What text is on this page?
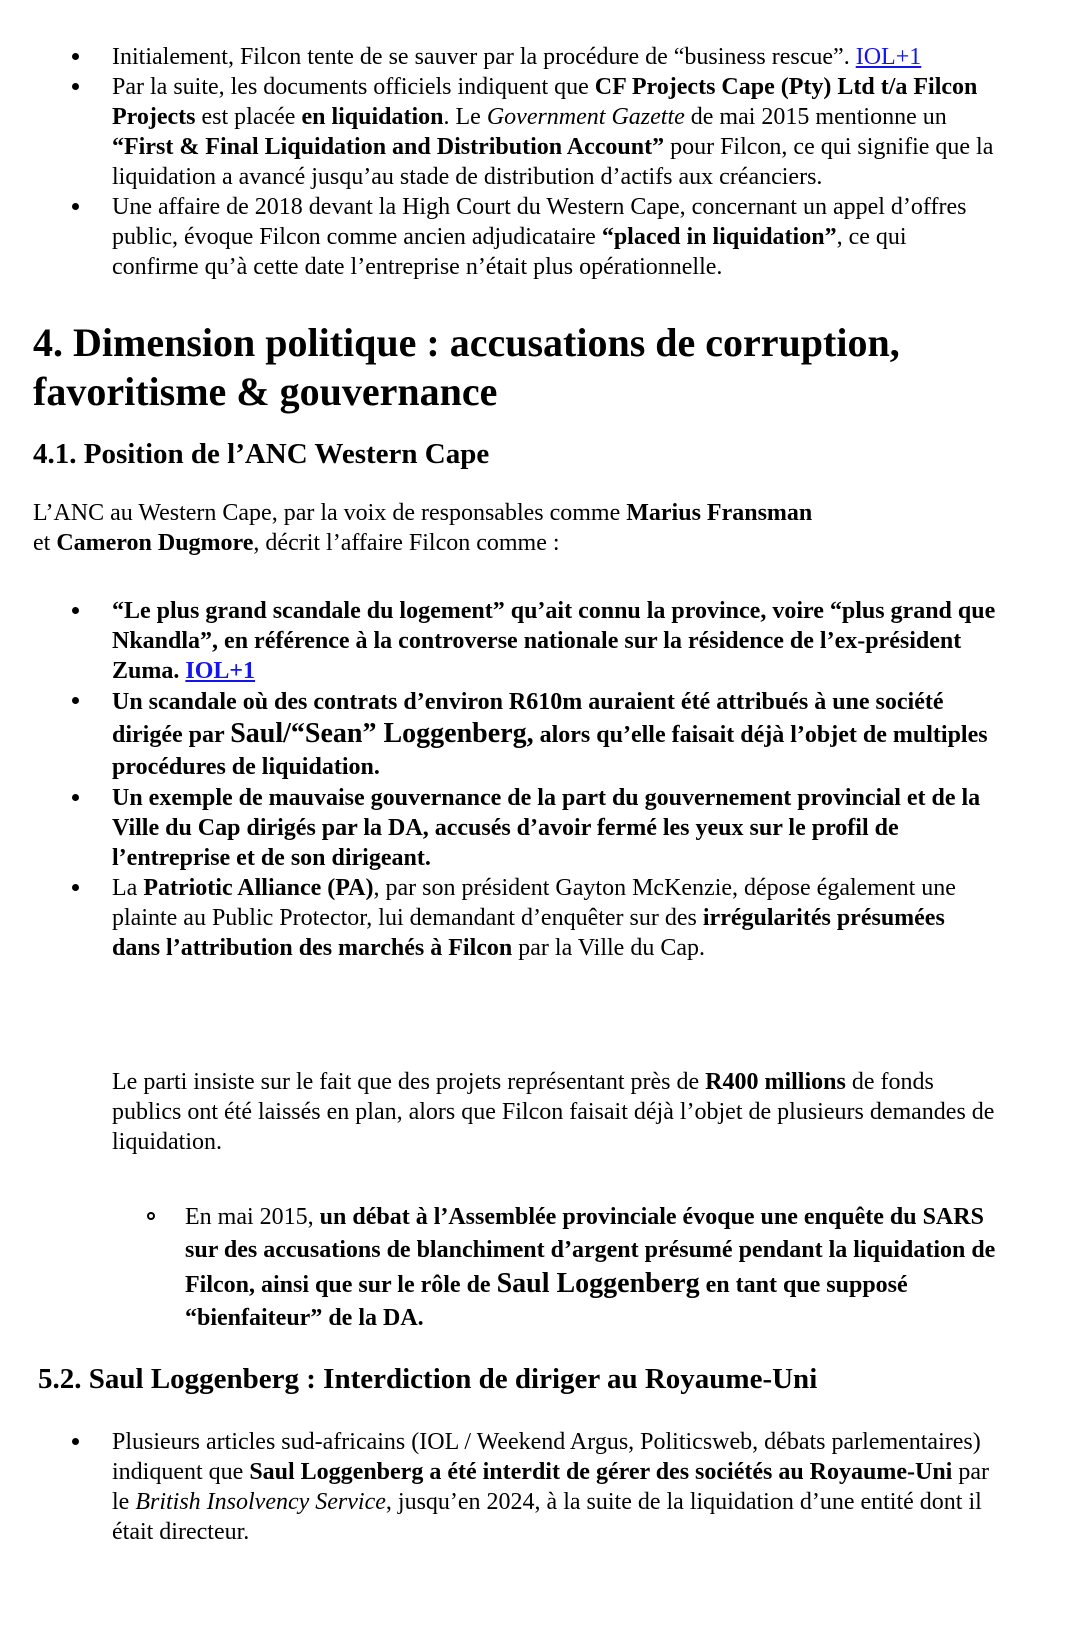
Initialement, Filcon tente de se sauver par la procédure de “business rescue”. IOL+1
Par la suite, les documents officiels indiquent que CF Projects Cape (Pty) Ltd t/a Filcon Projects est placée en liquidation. Le Government Gazette de mai 2015 mentionne un “First & Final Liquidation and Distribution Account” pour Filcon, ce qui signifie que la liquidation a avancé jusqu’au stade de distribution d’actifs aux créanciers.
Une affaire de 2018 devant la High Court du Western Cape, concernant un appel d’offres public, évoque Filcon comme ancien adjudicataire “placed in liquidation”, ce qui confirme qu’à cette date l’entreprise n’était plus opérationnelle.
4. Dimension politique : accusations de corruption, favoritisme & gouvernance
4.1. Position de l’ANC Western Cape
L’ANC au Western Cape, par la voix de responsables comme Marius Fransman et Cameron Dugmore, décrit l’affaire Filcon comme :
“Le plus grand scandale du logement” qu’ait connu la province, voire “plus grand que Nkandla”, en référence à la controverse nationale sur la résidence de l’ex-président Zuma. IOL+1
Un scandale où des contrats d’environ R610m auraient été attribués à une société dirigée par Saul/“Sean” Loggenberg, alors qu’elle faisait déjà l’objet de multiples procédures de liquidation.
Un exemple de mauvaise gouvernance de la part du gouvernement provincial et de la Ville du Cap dirigés par la DA, accusés d’avoir fermé les yeux sur le profil de l’entreprise et de son dirigeant.
La Patriotic Alliance (PA), par son président Gayton McKenzie, dépose également une plainte au Public Protector, lui demandant d’enquêter sur des irrégularités présumées dans l’attribution des marchés à Filcon par la Ville du Cap.
Le parti insiste sur le fait que des projets représentant près de R400 millions de fonds publics ont été laissés en plan, alors que Filcon faisait déjà l’objet de plusieurs demandes de liquidation.
En mai 2015, un débat à l’Assemblée provinciale évoque une enquête du SARS sur des accusations de blanchiment d’argent présumé pendant la liquidation de Filcon, ainsi que sur le rôle de Saul Loggenberg en tant que supposé “bienfaiteur” de la DA.
5.2. Saul Loggenberg : Interdiction de diriger au Royaume-Uni
Plusieurs articles sud-africains (IOL / Weekend Argus, Politicsweb, débats parlementaires) indiquent que Saul Loggenberg a été interdit de gérer des sociétés au Royaume-Uni par le British Insolvency Service, jusqu’en 2024, à la suite de la liquidation d’une entité dont il était directeur.
